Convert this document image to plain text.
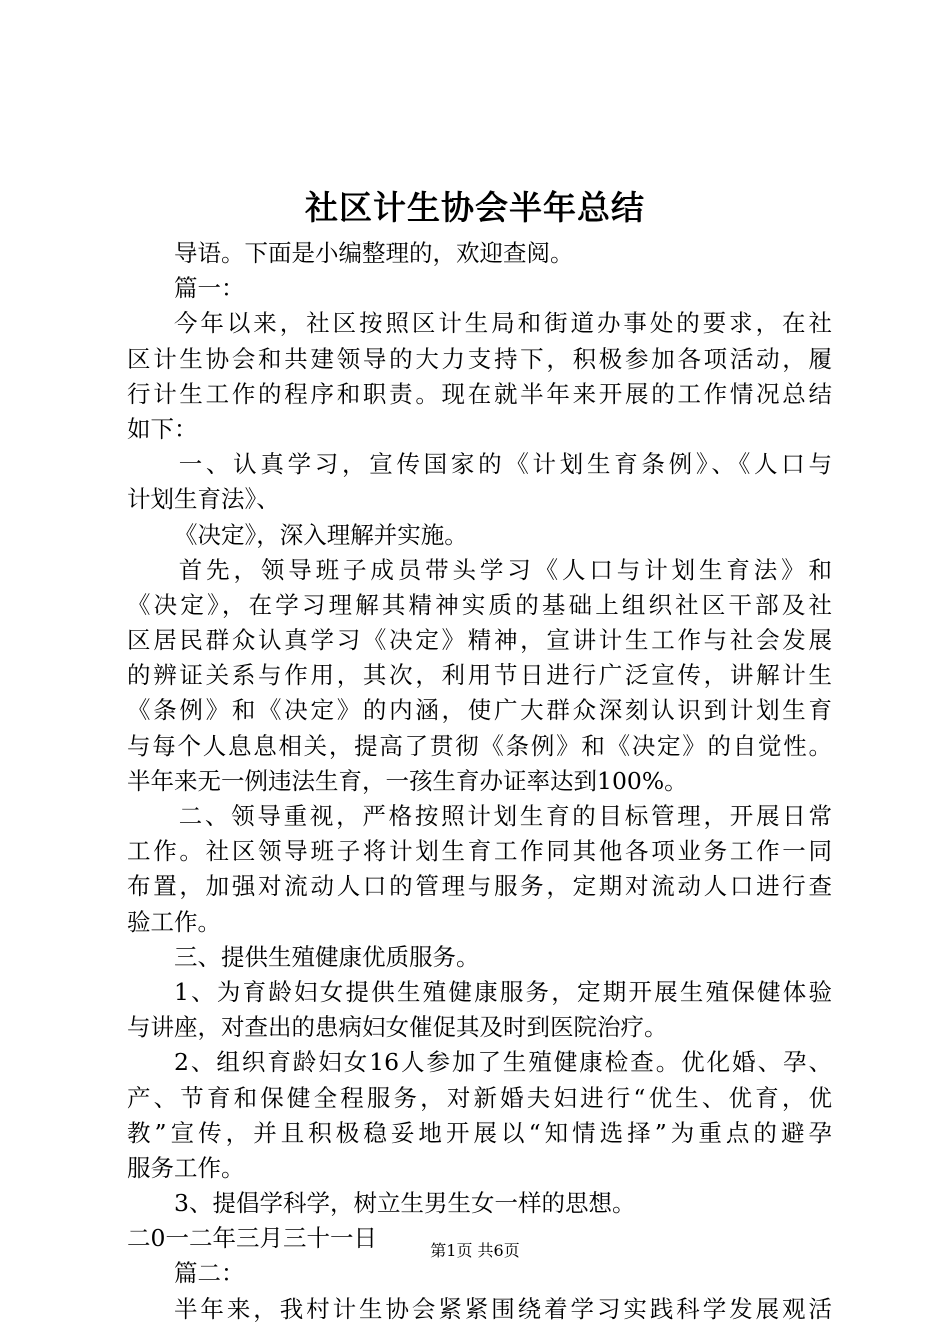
社区计生协会半年总结
导语。下面是小编整理的，欢迎查阅。
篇一：
今年以来，社区按照区计生局和街道办事处的要求，在社
区计生协会和共建领导的大力支持下，积极参加各项活动，履
行计生工作的程序和职责。现在就半年来开展的工作情况总结
如下：
一、认真学习，宣传国家的《计划生育条例》、《人口与
计划生育法》、
《决定》，深入理解并实施。
首先，领导班子成员带头学习《人口与计划生育法》和
《决定》，在学习理解其精神实质的基础上组织社区干部及社
区居民群众认真学习《决定》精神，宣讲计生工作与社会发展
的辨证关系与作用，其次，利用节日进行广泛宣传，讲解计生
《条例》和《决定》的内涵，使广大群众深刻认识到计划生育
与每个人息息相关，提高了贯彻《条例》和《决定》的自觉性。
半年来无一例违法生育，一孩生育办证率达到100%。
二、领导重视，严格按照计划生育的目标管理，开展日常
工作。社区领导班子将计划生育工作同其他各项业务工作一同
布置，加强对流动人口的管理与服务，定期对流动人口进行查
验工作。
三、提供生殖健康优质服务。
1、为育龄妇女提供生殖健康服务，定期开展生殖保健体验
与讲座，对查出的患病妇女催促其及时到医院治疗。
2、组织育龄妇女16人参加了生殖健康检查。优化婚、孕、
产、节育和保健全程服务，对新婚夫妇进行“优生、优育，优
教”宣传，并且积极稳妥地开展以“知情选择”为重点的避孕
服务工作。
3、提倡学科学，树立生男生女一样的思想。
二0一二年三月三十一日
篇二：
半年来，我村计生协会紧紧围绕着学习实践科学发展观活
第1页 共6页
